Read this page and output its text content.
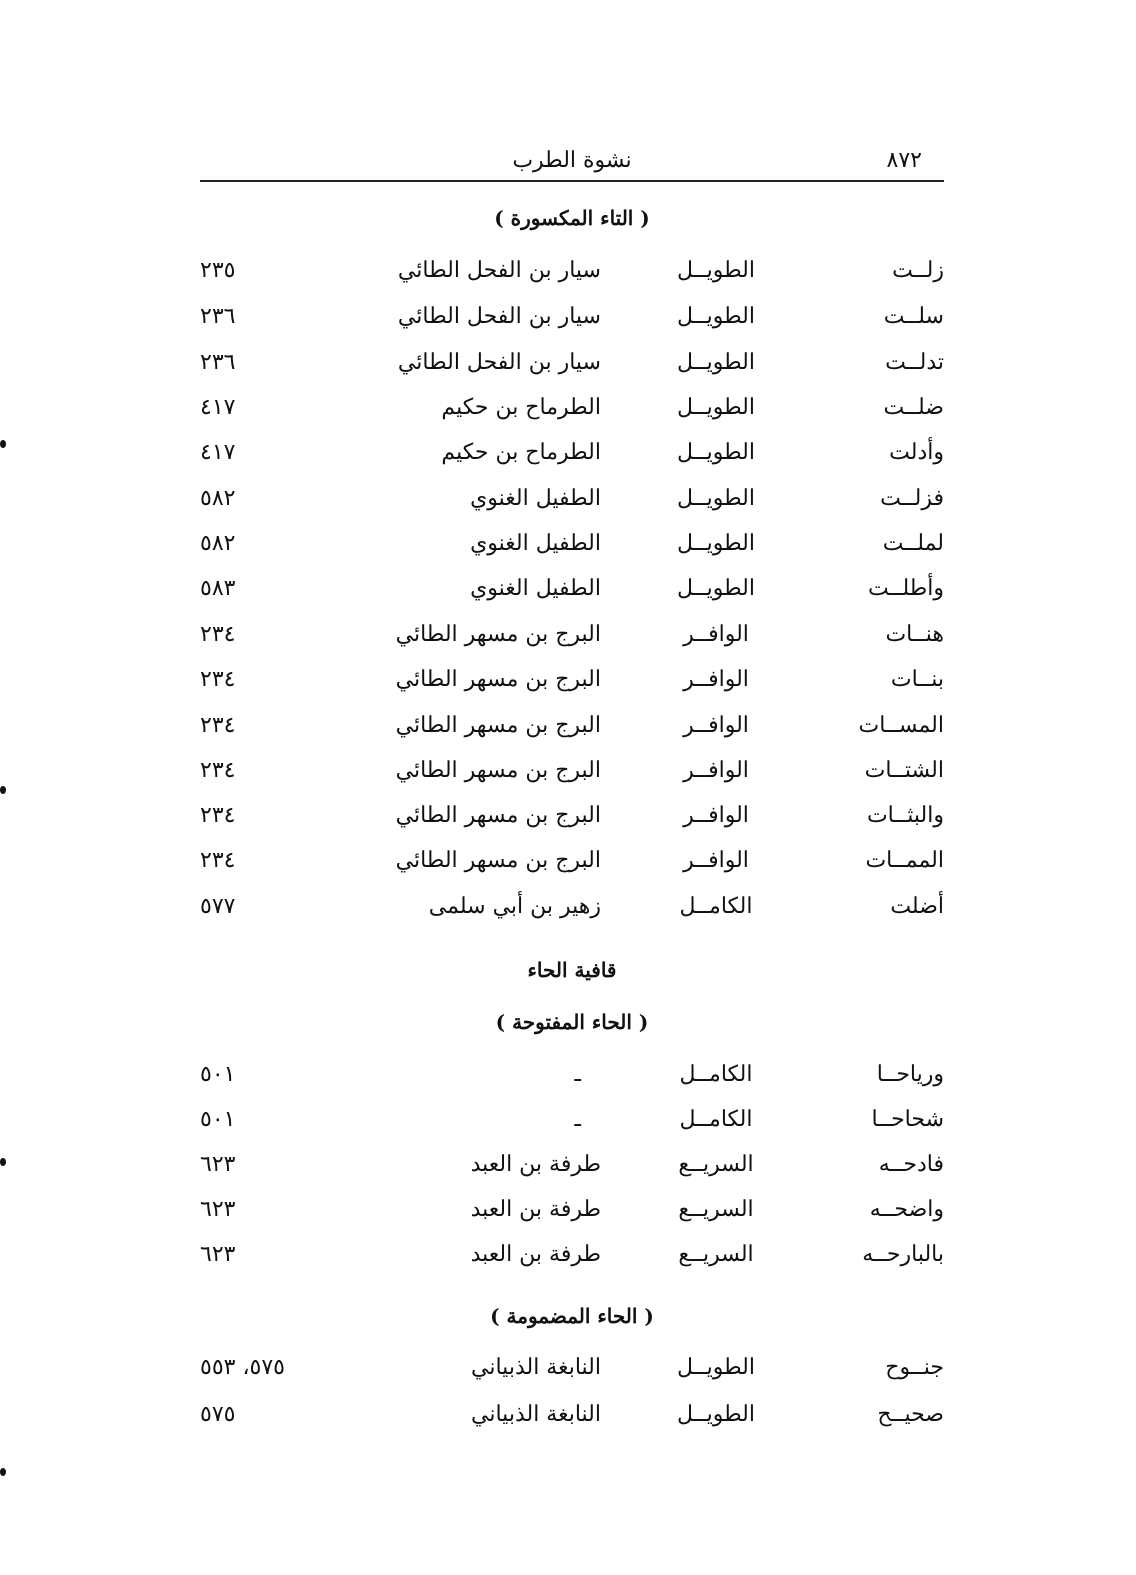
٨٧٢
نشوة الطرب
( التاء المكسورة )
زلــت
الطويــل
سيار بن الفحل الطائي
٢٣٥
سلــت
الطويــل
سيار بن الفحل الطائي
٢٣٦
تدلــت
الطويــل
سيار بن الفحل الطائي
٢٣٦
ضلــت
الطويــل
الطرماح بن حكيم
٤١٧
وأدلت
الطويــل
الطرماح بن حكيم
٤١٧
فزلــت
الطويــل
الطفيل الغنوي
٥٨٢
لملــت
الطويــل
الطفيل الغنوي
٥٨٢
وأطلــت
الطويــل
الطفيل الغنوي
٥٨٣
هنــات
الوافــر
البرج بن مسهر الطائي
٢٣٤
بنــات
الوافــر
البرج بن مسهر الطائي
٢٣٤
المســات
الوافــر
البرج بن مسهر الطائي
٢٣٤
الشتــات
الوافــر
البرج بن مسهر الطائي
٢٣٤
والبثــات
الوافــر
البرج بن مسهر الطائي
٢٣٤
الممــات
الوافــر
البرج بن مسهر الطائي
٢٣٤
أضلت
الكامــل
زهير بن أبي سلمى
٥٧٧
قافية الحاء
( الحاء المفتوحة )
ورياحــا
الكامــل
ـ
٥٠١
شحاحــا
الكامــل
ـ
٥٠١
فادحــه
السريــع
طرفة بن العبد
٦٢٣
واضحــه
السريــع
طرفة بن العبد
٦٢٣
بالبارحــه
السريــع
طرفة بن العبد
٦٢٣
( الحاء المضمومة )
جنــوح
الطويــل
النابغة الذبياني
٥٧٥، ٥٥٣
صحيــح
الطويــل
النابغة الذبياني
٥٧٥
